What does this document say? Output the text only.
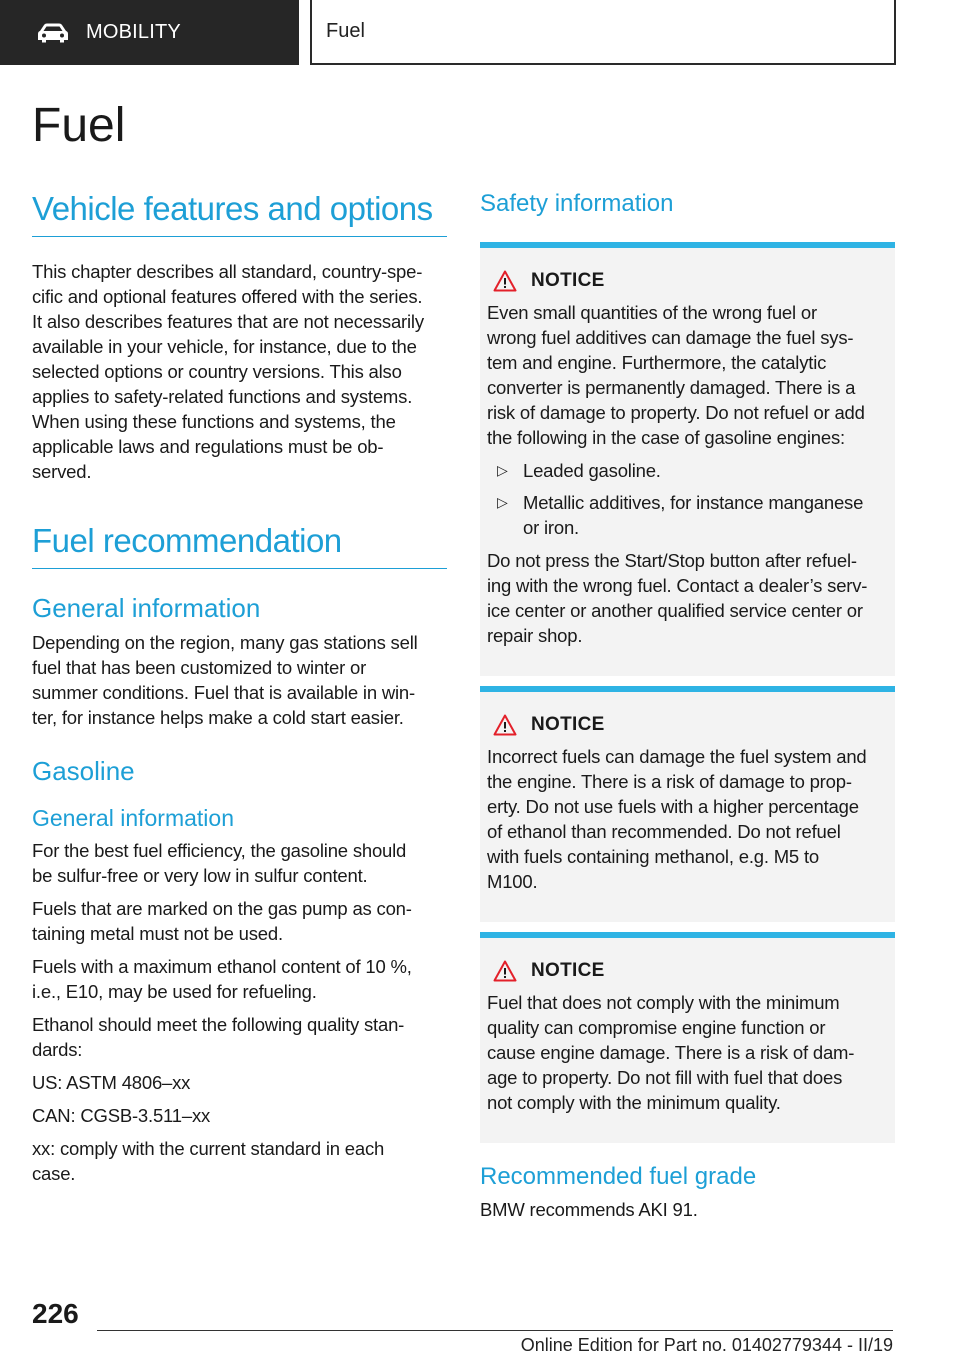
MOBILITY	Fuel
Fuel
Vehicle features and options

This chapter describes all standard, country-spe-
cific and optional features offered with the series.
It also describes features that are not necessarily
available in your vehicle, for instance, due to the
selected options or country versions. This also
applies to safety-related functions and systems.
When using these functions and systems, the
applicable laws and regulations must be ob-
served.

Fuel recommendation
General information

Depending on the region, many gas stations sell
fuel that has been customized to winter or
summer conditions. Fuel that is available in win-
ter, for instance helps make a cold start easier.

Gasoline
General information

For the best fuel efficiency, the gasoline should
be sulfur-free or very low in sulfur content.

Fuels that are marked on the gas pump as con-
taining metal must not be used.

Fuels with a maximum ethanol content of 10 %,
i.e., E10, may be used for refueling.

Ethanol should meet the following quality stan-
dards:

US: ASTM 4806–xx

CAN: CGSB-3.511–xx

xx: comply with the current standard in each
case.

Safety information
NOTICE

Even small quantities of the wrong fuel or
wrong fuel additives can damage the fuel sys-
tem and engine. Furthermore, the catalytic
converter is permanently damaged. There is a
risk of damage to property. Do not refuel or add
the following in the case of gasoline engines:

▷ Leaded gasoline.
▷ Metallic additives, for instance manganese
or iron.

Do not press the Start/Stop button after refuel-
ing with the wrong fuel. Contact a dealer’s serv-
ice center or another qualified service center or
repair shop.

NOTICE

Incorrect fuels can damage the fuel system and
the engine. There is a risk of damage to prop-
erty. Do not use fuels with a higher percentage
of ethanol than recommended. Do not refuel
with fuels containing methanol, e.g. M5 to
M100.

NOTICE

Fuel that does not comply with the minimum
quality can compromise engine function or
cause engine damage. There is a risk of dam-
age to property. Do not fill with fuel that does
not comply with the minimum quality.

Recommended fuel grade

BMW recommends AKI 91.

226
Online Edition for Part no. 01402779344 - II/19
